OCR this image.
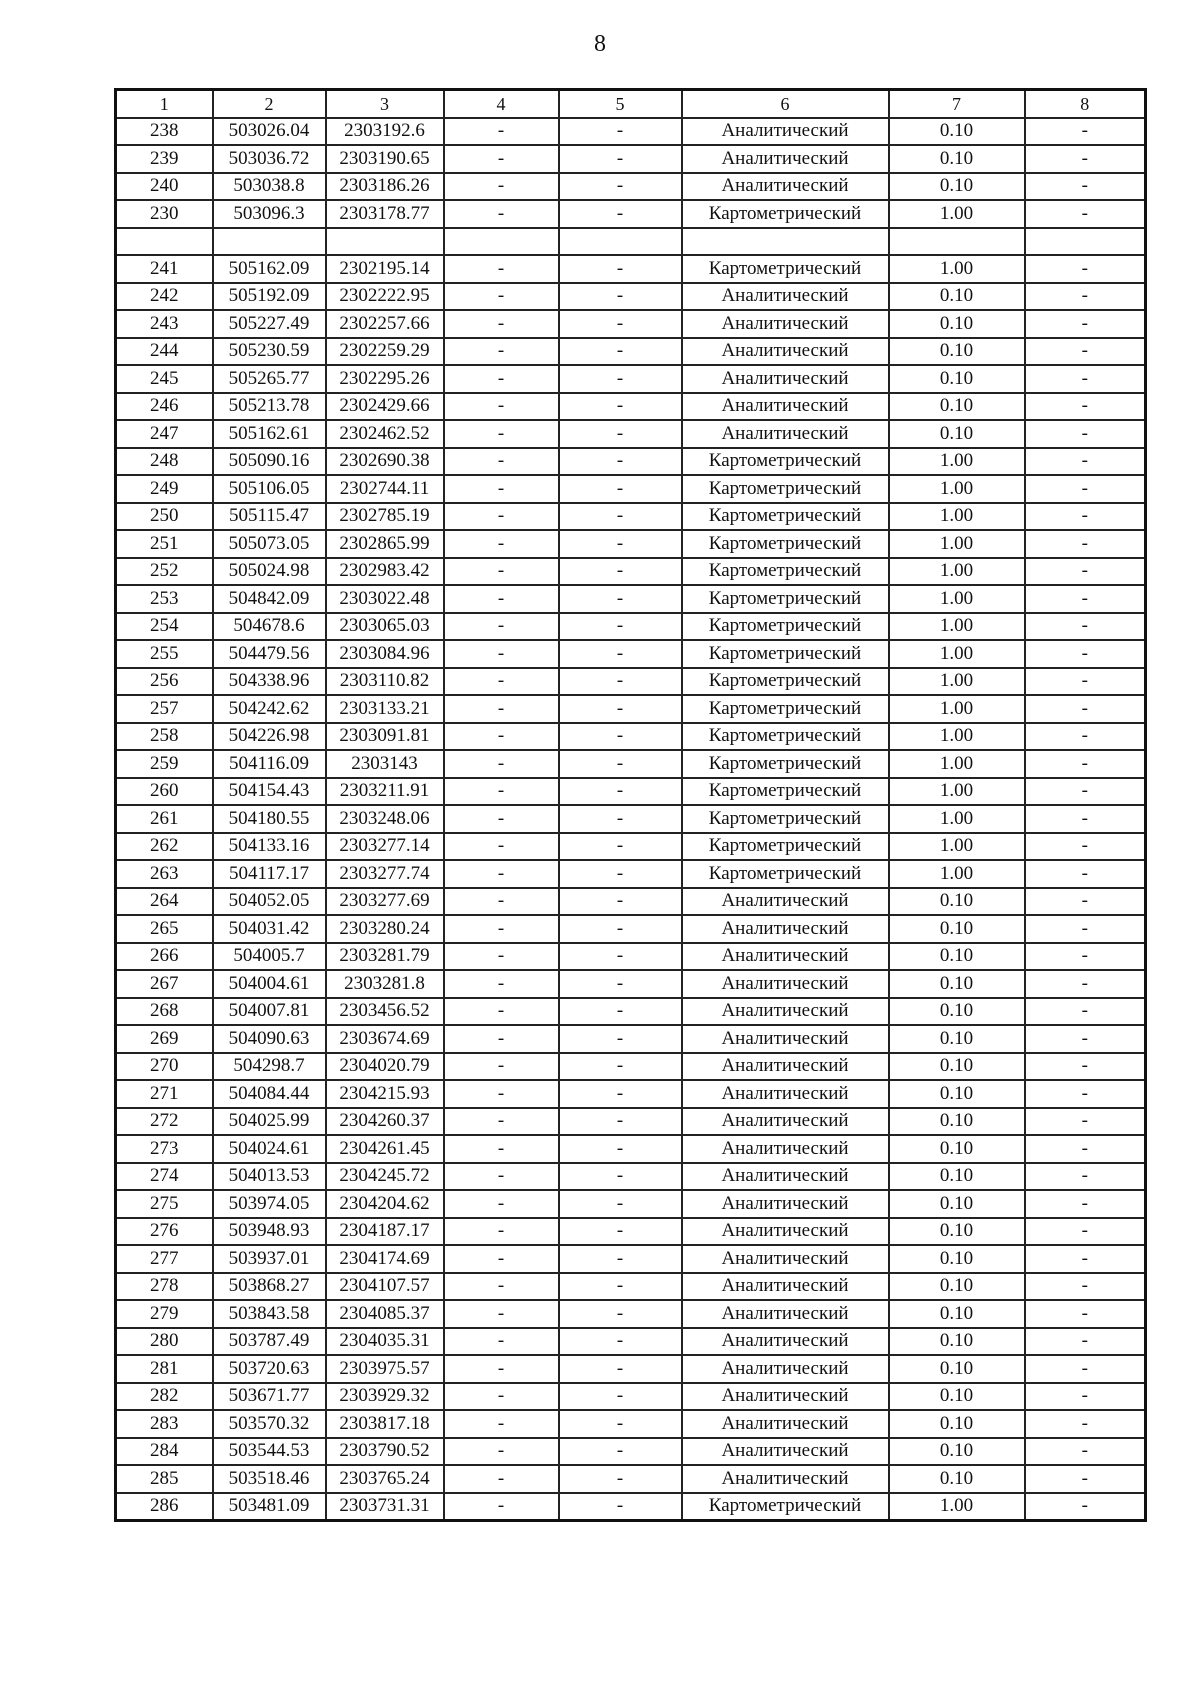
8
1	2	3	4	5	6	7	8
238	503026.04	2303192.6	-	-	Аналитический	0.10	-
239	503036.72	2303190.65	-	-	Аналитический	0.10	-
240	503038.8	2303186.26	-	-	Аналитический	0.10	-
230	503096.3	2303178.77	-	-	Картометрический	1.00	-

241	505162.09	2302195.14	-	-	Картометрический	1.00	-
242	505192.09	2302222.95	-	-	Аналитический	0.10	-
243	505227.49	2302257.66	-	-	Аналитический	0.10	-
244	505230.59	2302259.29	-	-	Аналитический	0.10	-
245	505265.77	2302295.26	-	-	Аналитический	0.10	-
246	505213.78	2302429.66	-	-	Аналитический	0.10	-
247	505162.61	2302462.52	-	-	Аналитический	0.10	-
248	505090.16	2302690.38	-	-	Картометрический	1.00	-
249	505106.05	2302744.11	-	-	Картометрический	1.00	-
250	505115.47	2302785.19	-	-	Картометрический	1.00	-
251	505073.05	2302865.99	-	-	Картометрический	1.00	-
252	505024.98	2302983.42	-	-	Картометрический	1.00	-
253	504842.09	2303022.48	-	-	Картометрический	1.00	-
254	504678.6	2303065.03	-	-	Картометрический	1.00	-
255	504479.56	2303084.96	-	-	Картометрический	1.00	-
256	504338.96	2303110.82	-	-	Картометрический	1.00	-
257	504242.62	2303133.21	-	-	Картометрический	1.00	-
258	504226.98	2303091.81	-	-	Картометрический	1.00	-
259	504116.09	2303143	-	-	Картометрический	1.00	-
260	504154.43	2303211.91	-	-	Картометрический	1.00	-
261	504180.55	2303248.06	-	-	Картометрический	1.00	-
262	504133.16	2303277.14	-	-	Картометрический	1.00	-
263	504117.17	2303277.74	-	-	Картометрический	1.00	-
264	504052.05	2303277.69	-	-	Аналитический	0.10	-
265	504031.42	2303280.24	-	-	Аналитический	0.10	-
266	504005.7	2303281.79	-	-	Аналитический	0.10	-
267	504004.61	2303281.8	-	-	Аналитический	0.10	-
268	504007.81	2303456.52	-	-	Аналитический	0.10	-
269	504090.63	2303674.69	-	-	Аналитический	0.10	-
270	504298.7	2304020.79	-	-	Аналитический	0.10	-
271	504084.44	2304215.93	-	-	Аналитический	0.10	-
272	504025.99	2304260.37	-	-	Аналитический	0.10	-
273	504024.61	2304261.45	-	-	Аналитический	0.10	-
274	504013.53	2304245.72	-	-	Аналитический	0.10	-
275	503974.05	2304204.62	-	-	Аналитический	0.10	-
276	503948.93	2304187.17	-	-	Аналитический	0.10	-
277	503937.01	2304174.69	-	-	Аналитический	0.10	-
278	503868.27	2304107.57	-	-	Аналитический	0.10	-
279	503843.58	2304085.37	-	-	Аналитический	0.10	-
280	503787.49	2304035.31	-	-	Аналитический	0.10	-
281	503720.63	2303975.57	-	-	Аналитический	0.10	-
282	503671.77	2303929.32	-	-	Аналитический	0.10	-
283	503570.32	2303817.18	-	-	Аналитический	0.10	-
284	503544.53	2303790.52	-	-	Аналитический	0.10	-
285	503518.46	2303765.24	-	-	Аналитический	0.10	-
286	503481.09	2303731.31	-	-	Картометрический	1.00	-
